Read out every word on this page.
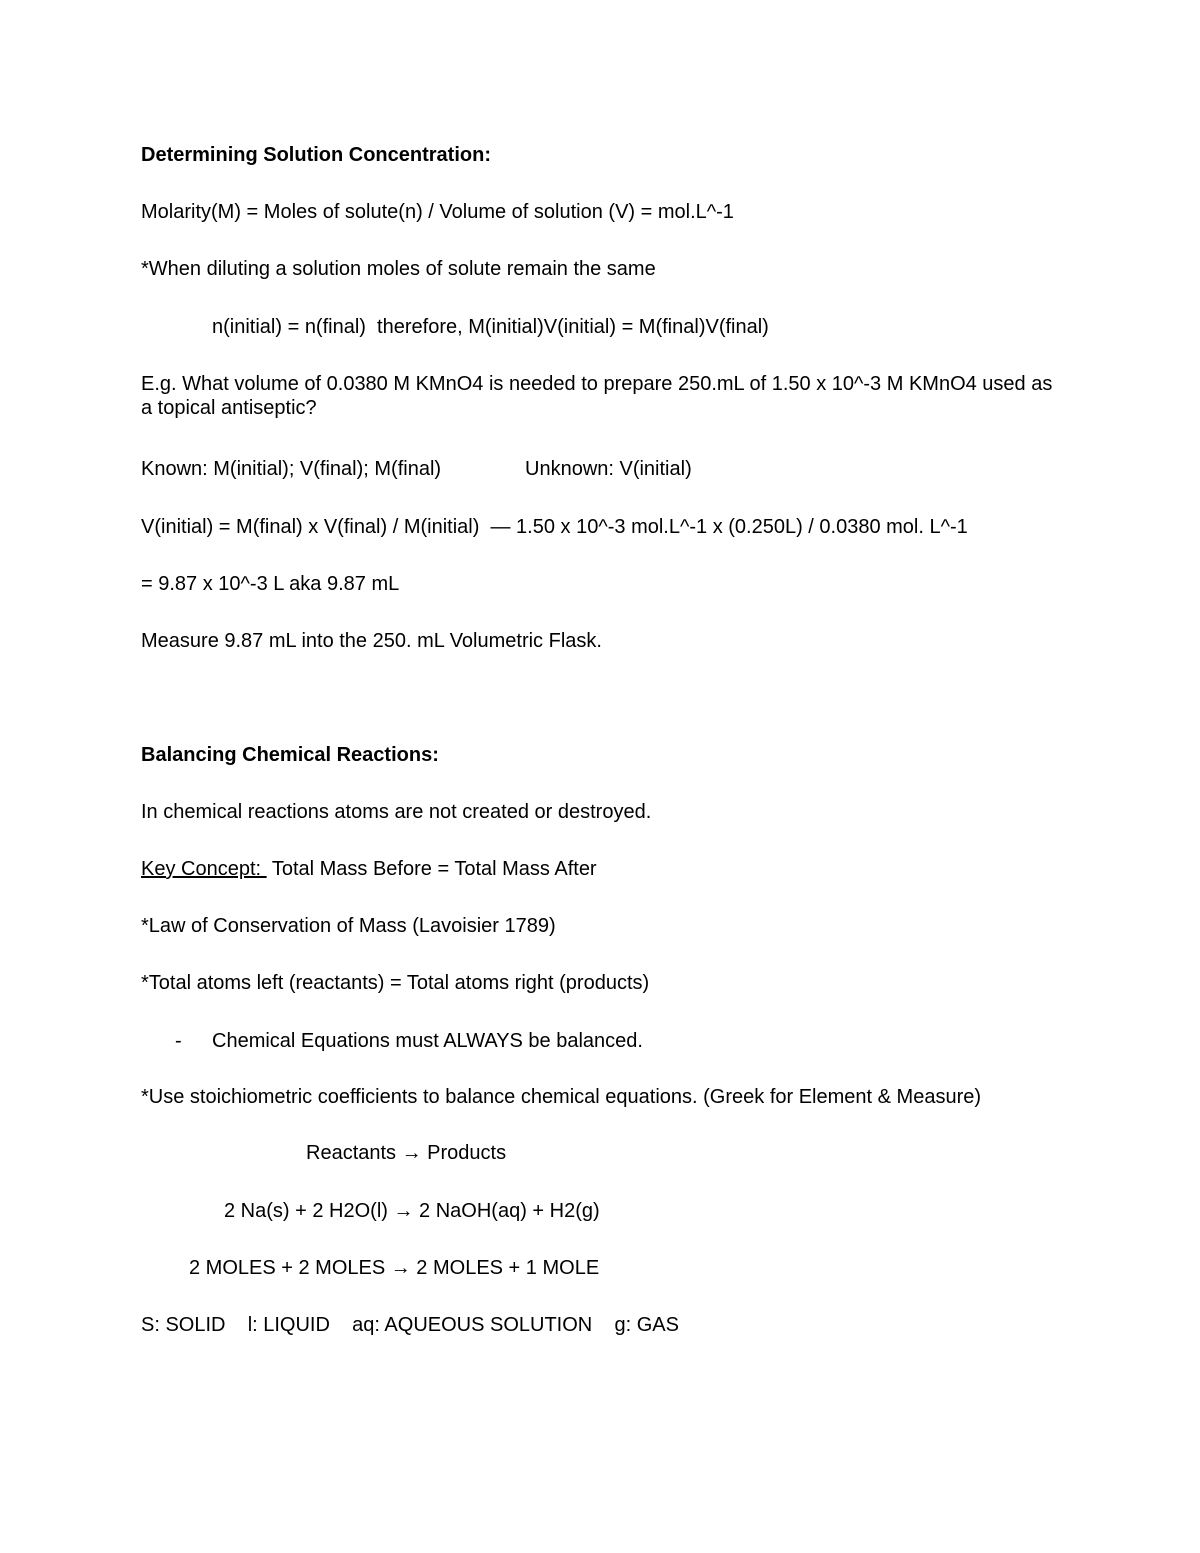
Determining Solution Concentration:
Molarity(M) = Moles of solute(n) / Volume of solution (V) = mol.L^-1
*When diluting a solution moles of solute remain the same
n(initial) = n(final)  therefore, M(initial)V(initial) = M(final)V(final)
E.g. What volume of 0.0380 M KMnO4 is needed to prepare 250.mL of 1.50 x 10^-3 M KMnO4 used as a topical antiseptic?
Known: M(initial); V(final); M(final)	Unknown: V(initial)
V(initial) = M(final) x V(final) / M(initial)  — 1.50 x 10^-3 mol.L^-1 x (0.250L) / 0.0380 mol. L^-1
= 9.87 x 10^-3 L aka 9.87 mL
Measure 9.87 mL into the 250. mL Volumetric Flask.
Balancing Chemical Reactions:
In chemical reactions atoms are not created or destroyed.
Key Concept:  Total Mass Before = Total Mass After
*Law of Conservation of Mass (Lavoisier 1789)
*Total atoms left (reactants) = Total atoms right (products)
- Chemical Equations must ALWAYS be balanced.
*Use stoichiometric coefficients to balance chemical equations. (Greek for Element & Measure)
Reactants → Products
2 Na(s) + 2 H2O(l) → 2 NaOH(aq) + H2(g)
2 MOLES + 2 MOLES → 2 MOLES + 1 MOLE
S: SOLID    l: LIQUID    aq: AQUEOUS SOLUTION    g: GAS
